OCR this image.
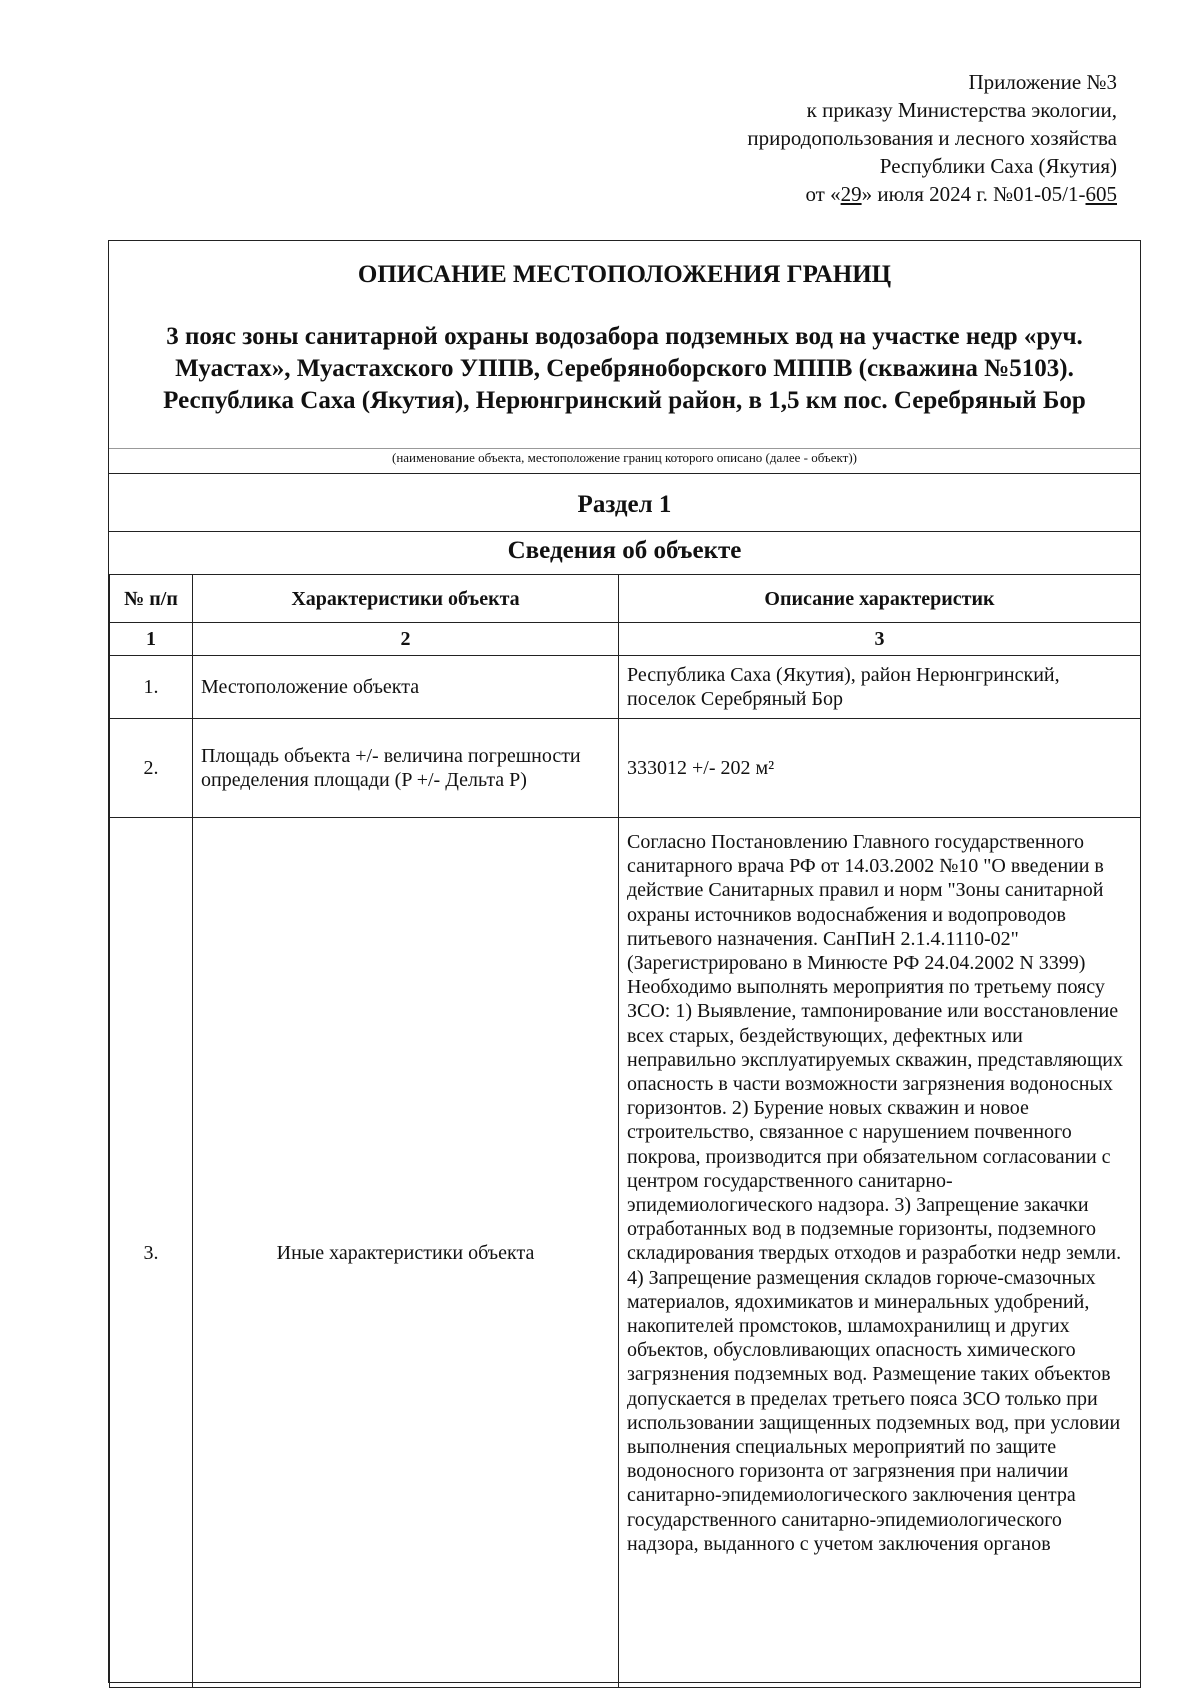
Приложение №3
к приказу Министерства экологии,
природопользования и лесного хозяйства
Республики Саха (Якутия)
от «29» июля 2024 г. №01-05/1-605
ОПИСАНИЕ МЕСТОПОЛОЖЕНИЯ ГРАНИЦ
3 пояс зоны санитарной охраны водозабора подземных вод на участке недр «руч. Муастах», Муастахского УППВ, Серебряноборского МППВ (скважина №5103). Республика Саха (Якутия), Нерюнгринский район, в 1,5 км пос. Серебряный Бор
(наименование объекта, местоположение границ которого описано (далее - объект))
Раздел 1
Сведения об объекте
№ п/п	Характеристики объекта	Описание характеристик
1	2	3
1.	Местоположение объекта	Республика Саха (Якутия), район Нерюнгринский, поселок Серебряный Бор
2.	Площадь объекта +/- величина погрешности определения площади (P +/- Дельта P)	333012 +/- 202 м²
3.	Иные характеристики объекта	Согласно Постановлению Главного государственного санитарного врача РФ от 14.03.2002 №10 "О введении в действие Санитарных правил и норм "Зоны санитарной охраны источников водоснабжения и водопроводов питьевого назначения. СанПиН 2.1.4.1110-02" (Зарегистрировано в Минюсте РФ 24.04.2002 N 3399) Необходимо выполнять мероприятия по третьему поясу ЗСО: 1) Выявление, тампонирование или восстановление всех старых, бездействующих, дефектных или неправильно эксплуатируемых скважин, представляющих опасность в части возможности загрязнения водоносных горизонтов. 2) Бурение новых скважин и новое строительство, связанное с нарушением почвенного покрова, производится при обязательном согласовании с центром государственного санитарно-эпидемиологического надзора. 3) Запрещение закачки отработанных вод в подземные горизонты, подземного складирования твердых отходов и разработки недр земли. 4) Запрещение размещения складов горюче-смазочных материалов, ядохимикатов и минеральных удобрений, накопителей промстоков, шламохранилищ и других объектов, обусловливающих опасность химического загрязнения подземных вод. Размещение таких объектов допускается в пределах третьего пояса ЗСО только при использовании защищенных подземных вод, при условии выполнения специальных мероприятий по защите водоносного горизонта от загрязнения при наличии санитарно-эпидемиологического заключения центра государственного санитарно-эпидемиологического надзора, выданного с учетом заключения органов
